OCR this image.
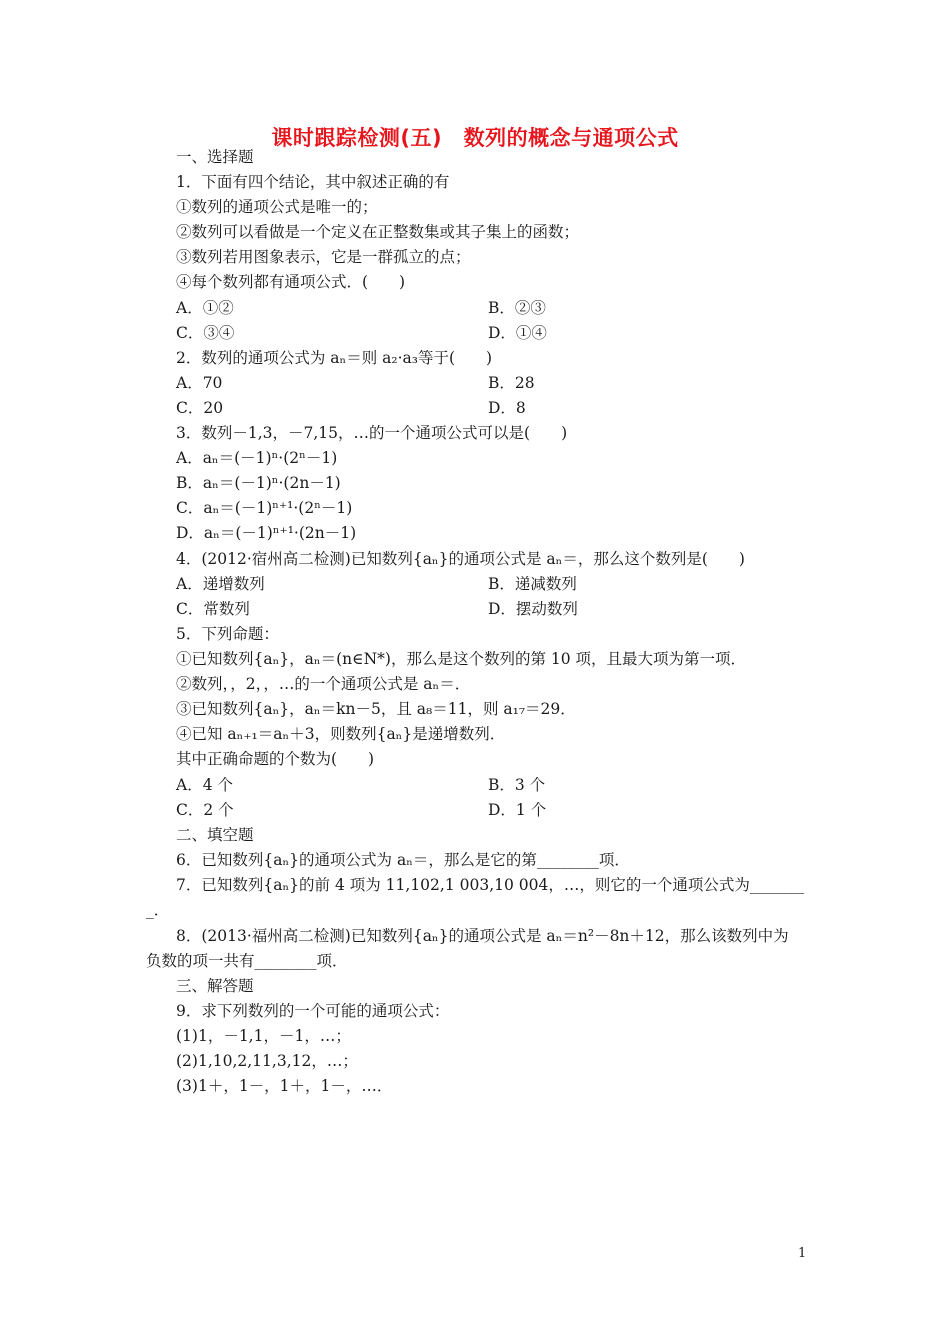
课时跟踪检测(五)　数列的概念与通项公式
一、选择题
1．下面有四个结论，其中叙述正确的有
①数列的通项公式是唯一的；
②数列可以看做是一个定义在正整数集或其子集上的函数；
③数列若用图象表示，它是一群孤立的点；
④每个数列都有通项公式．(　　)
A．①②	B．②③
C．③④	D．①④
2．数列的通项公式为 aₙ＝则 a₂·a₃等于(　　)
A．70	B．28
C．20	D．8
3．数列－1,3，－7,15，…的一个通项公式可以是(　　)
A．aₙ＝(－1)ⁿ·(2ⁿ－1)
B．aₙ＝(－1)ⁿ·(2n－1)
C．aₙ＝(－1)ⁿ⁺¹·(2ⁿ－1)
D．aₙ＝(－1)ⁿ⁺¹·(2n－1)
4．(2012·宿州高二检测)已知数列{aₙ}的通项公式是 aₙ＝，那么这个数列是(　　)
A．递增数列	B．递减数列
C．常数列	D．摆动数列
5．下列命题：
①已知数列{aₙ}，aₙ＝(n∈N*)，那么是这个数列的第 10 项，且最大项为第一项．
②数列，，2，，…的一个通项公式是 aₙ＝．
③已知数列{aₙ}，aₙ＝kn－5，且 a₈＝11，则 a₁₇＝29．
④已知 aₙ₊₁＝aₙ＋3，则数列{aₙ}是递增数列．
其中正确命题的个数为(　　)
A．4 个	B．3 个
C．2 个	D．1 个
二、填空题
6．已知数列{aₙ}的通项公式为 aₙ＝，那么是它的第________项．
7．已知数列{aₙ}的前 4 项为 11,102,1 003,10 004，…，则它的一个通项公式为_______
_．
8．(2013·福州高二检测)已知数列{aₙ}的通项公式是 aₙ＝n²－8n＋12，那么该数列中为
负数的项一共有________项．
三、解答题
9．求下列数列的一个可能的通项公式：
(1)1，－1,1，－1，…；
(2)1,10,2,11,3,12，…；
(3)1＋，1－，1＋，1－，…．
1
